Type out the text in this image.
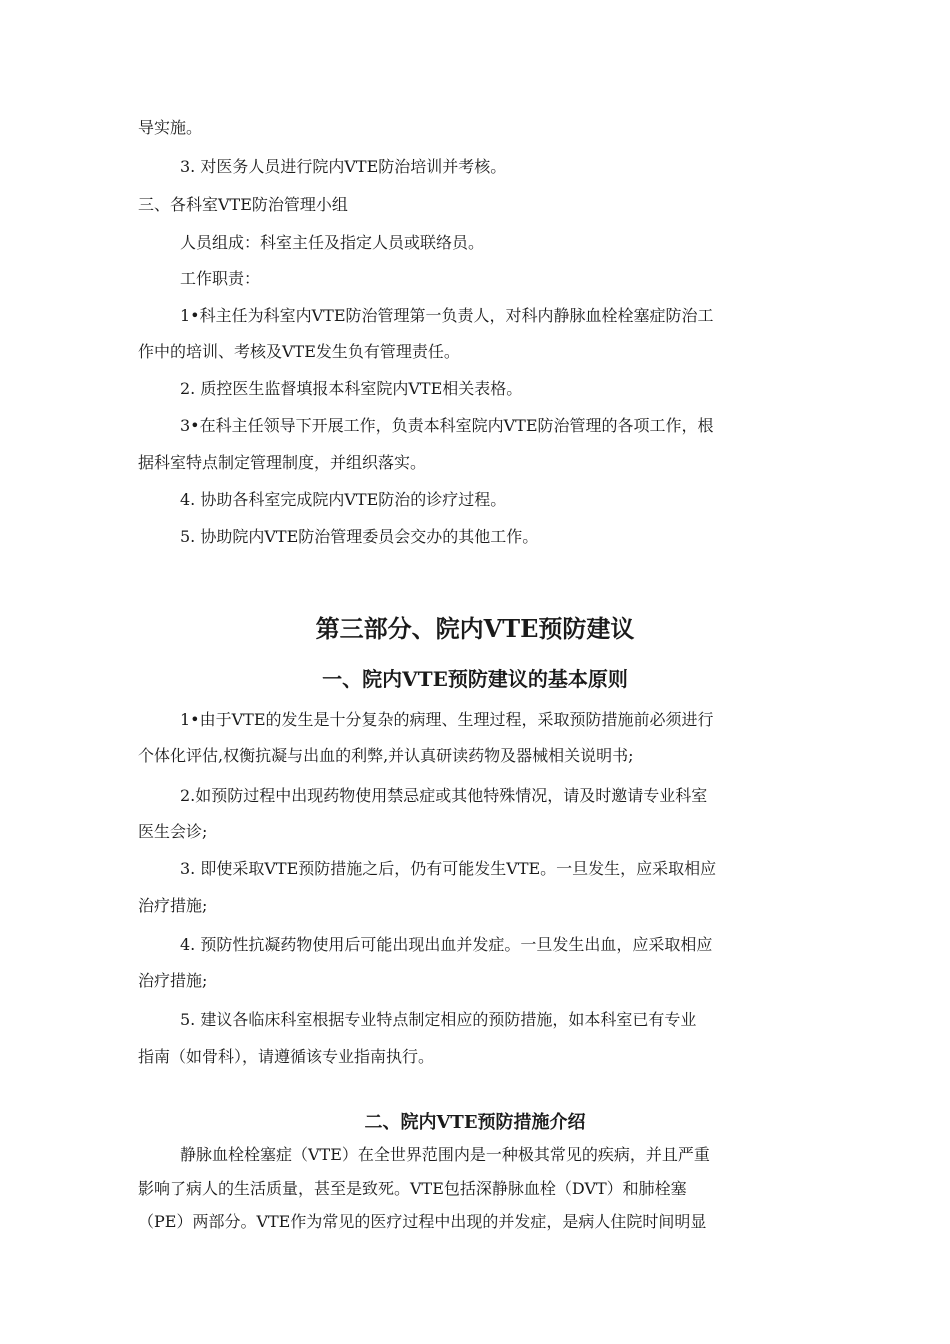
导实施。

3. 对医务人员进行院内VTE防治培训并考核。

三、各科室VTE防治管理小组

人员组成：科室主任及指定人员或联络员。

工作职责：

1•科主任为科室内VTE防治管理第一负责人，对科内静脉血栓栓塞症防治工

作中的培训、考核及VTE发生负有管理责任。

2. 质控医生监督填报本科室院内VTE相关表格。

3•在科主任领导下开展工作，负责本科室院内VTE防治管理的各项工作，根

据科室特点制定管理制度，并组织落实。

4. 协助各科室完成院内VTE防治的诊疗过程。

5. 协助院内VTE防治管理委员会交办的其他工作。

第三部分、院内VTE预防建议
一、院内VTE预防建议的基本原则

1•由于VTE的发生是十分复杂的病理、生理过程，采取预防措施前必须进行

个体化评估,权衡抗凝与出血的利弊,并认真研读药物及器械相关说明书;

2.如预防过程中出现药物使用禁忌症或其他特殊情况，请及时邀请专业科室

医生会诊;

3. 即使采取VTE预防措施之后，仍有可能发生VTE。一旦发生，应采取相应

治疗措施;

4. 预防性抗凝药物使用后可能出现出血并发症。一旦发生出血，应采取相应

治疗措施;

5. 建议各临床科室根据专业特点制定相应的预防措施，如本科室已有专业

指南（如骨科），请遵循该专业指南执行。

二、院内VTE预防措施介绍

静脉血栓栓塞症（VTE）在全世界范围内是一种极其常见的疾病，并且严重

影响了病人的生活质量，甚至是致死。VTE包括深静脉血栓（DVT）和肺栓塞

（PE）两部分。VTE作为常见的医疗过程中出现的并发症，是病人住院时间明显
